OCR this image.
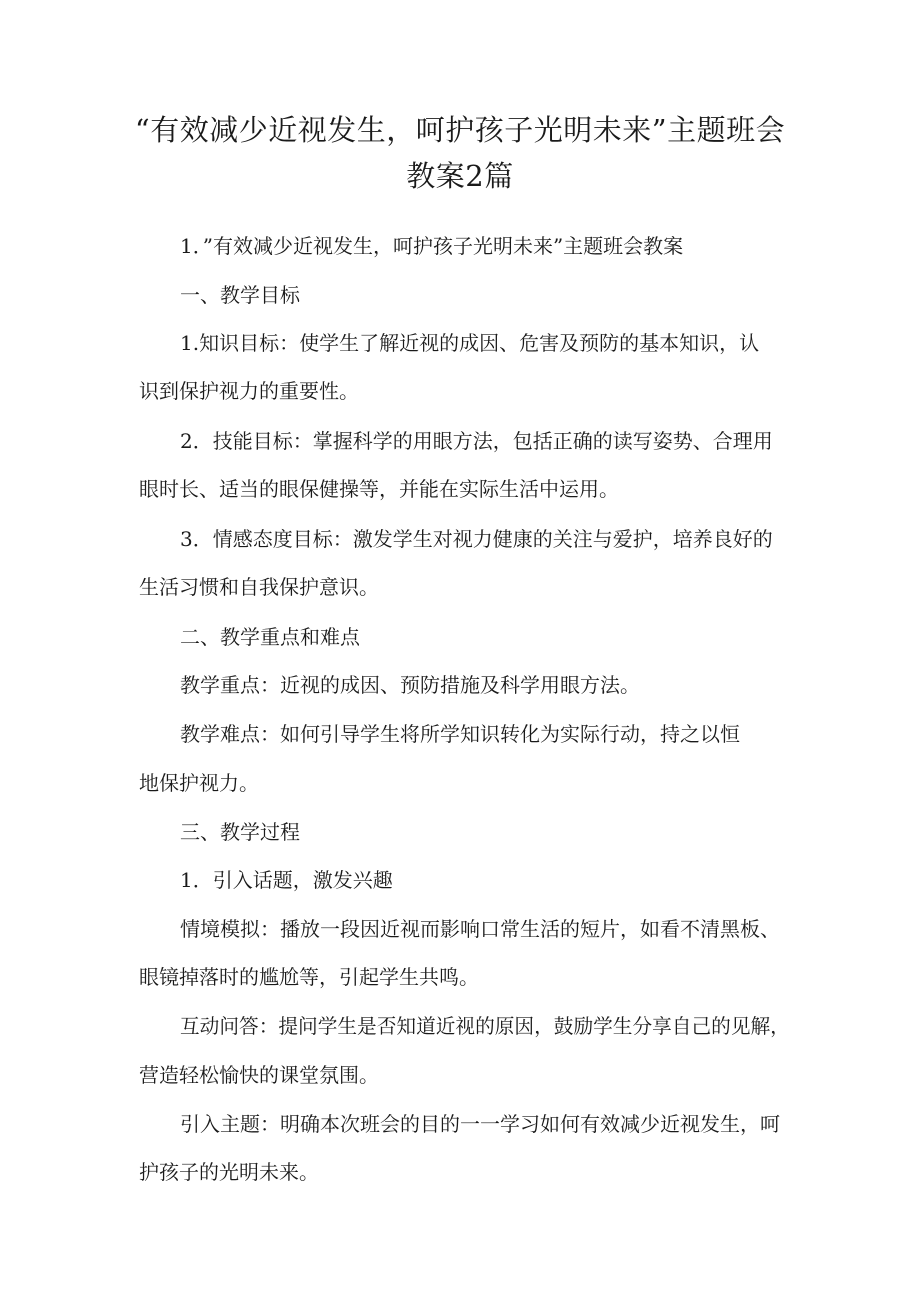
“有效减少近视发生，呵护孩子光明未来”主题班会
教案2篇
1．”有效减少近视发生，呵护孩子光明未来”主题班会教案
一、教学目标
1.知识目标：使学生了解近视的成因、危害及预防的基本知识，认
识到保护视力的重要性。
2．技能目标：掌握科学的用眼方法，包括正确的读写姿势、合理用
眼时长、适当的眼保健操等，并能在实际生活中运用。
3．情感态度目标：激发学生对视力健康的关注与爱护，培养良好的
生活习惯和自我保护意识。
二、教学重点和难点
教学重点：近视的成因、预防措施及科学用眼方法。
教学难点：如何引导学生将所学知识转化为实际行动，持之以恒
地保护视力。
三、教学过程
1．引入话题，激发兴趣
情境模拟：播放一段因近视而影响口常生活的短片，如看不清黑板、
眼镜掉落时的尴尬等，引起学生共鸣。
互动问答：提问学生是否知道近视的原因，鼓励学生分享自己的见解，
营造轻松愉快的课堂氛围。
引入主题：明确本次班会的目的一一学习如何有效减少近视发生，呵
护孩子的光明未来。
